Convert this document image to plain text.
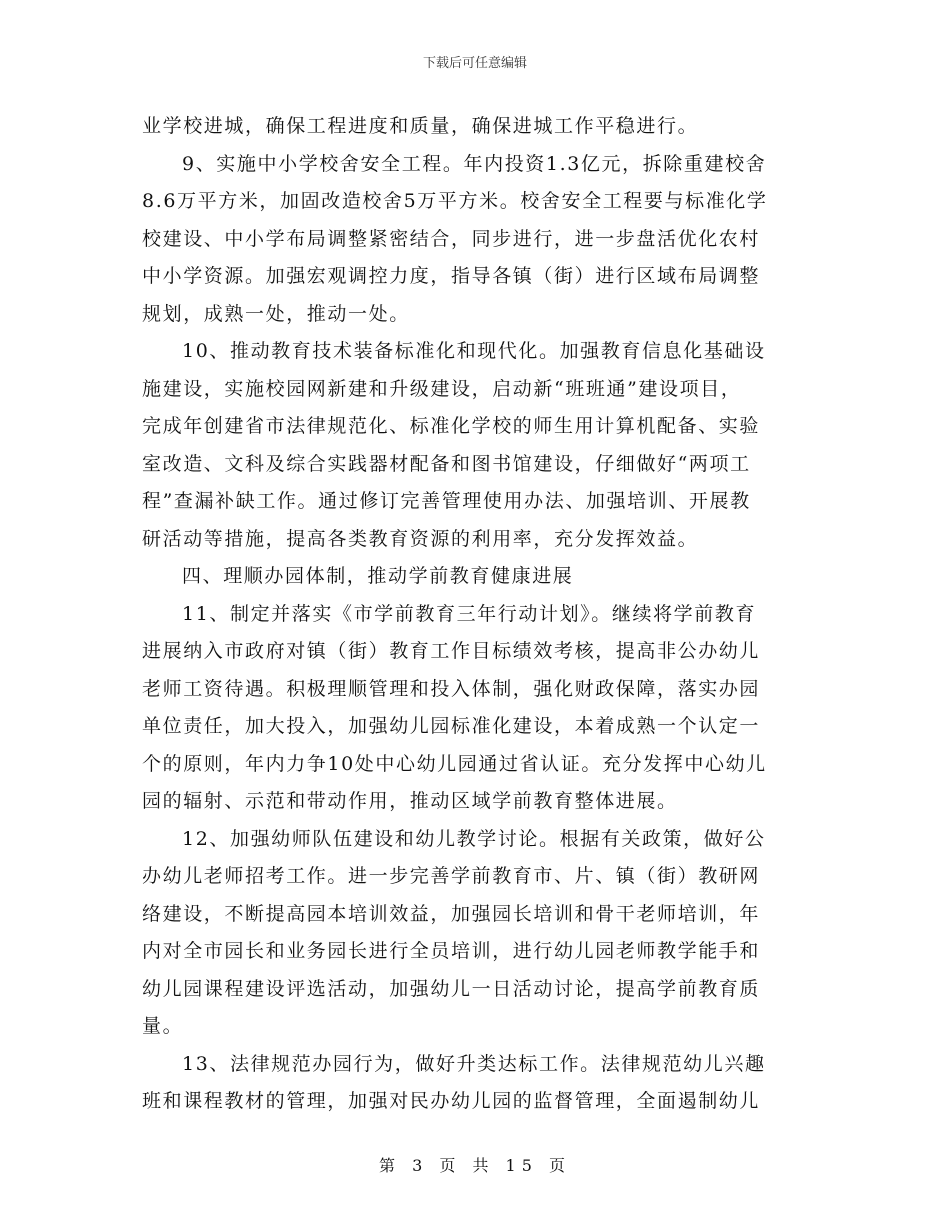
下载后可任意编辑
业学校进城，确保工程进度和质量，确保进城工作平稳进行。
9、实施中小学校舍安全工程。年内投资1.3亿元，拆除重建校舍
8.6万平方米，加固改造校舍5万平方米。校舍安全工程要与标准化学
校建设、中小学布局调整紧密结合，同步进行，进一步盘活优化农村
中小学资源。加强宏观调控力度，指导各镇（街）进行区域布局调整
规划，成熟一处，推动一处。
10、推动教育技术装备标准化和现代化。加强教育信息化基础设
施建设，实施校园网新建和升级建设，启动新“班班通”建设项目，
完成年创建省市法律规范化、标准化学校的师生用计算机配备、实验
室改造、文科及综合实践器材配备和图书馆建设，仔细做好“两项工
程”查漏补缺工作。通过修订完善管理使用办法、加强培训、开展教
研活动等措施，提高各类教育资源的利用率，充分发挥效益。
四、理顺办园体制，推动学前教育健康进展
11、制定并落实《市学前教育三年行动计划》。继续将学前教育
进展纳入市政府对镇（街）教育工作目标绩效考核，提高非公办幼儿
老师工资待遇。积极理顺管理和投入体制，强化财政保障，落实办园
单位责任，加大投入，加强幼儿园标准化建设，本着成熟一个认定一
个的原则，年内力争10处中心幼儿园通过省认证。充分发挥中心幼儿
园的辐射、示范和带动作用，推动区域学前教育整体进展。
12、加强幼师队伍建设和幼儿教学讨论。根据有关政策，做好公
办幼儿老师招考工作。进一步完善学前教育市、片、镇（街）教研网
络建设，不断提高园本培训效益，加强园长培训和骨干老师培训，年
内对全市园长和业务园长进行全员培训，进行幼儿园老师教学能手和
幼儿园课程建设评选活动，加强幼儿一日活动讨论，提高学前教育质
量。
13、法律规范办园行为，做好升类达标工作。法律规范幼儿兴趣
班和课程教材的管理，加强对民办幼儿园的监督管理，全面遏制幼儿
第 3 页 共 15 页
